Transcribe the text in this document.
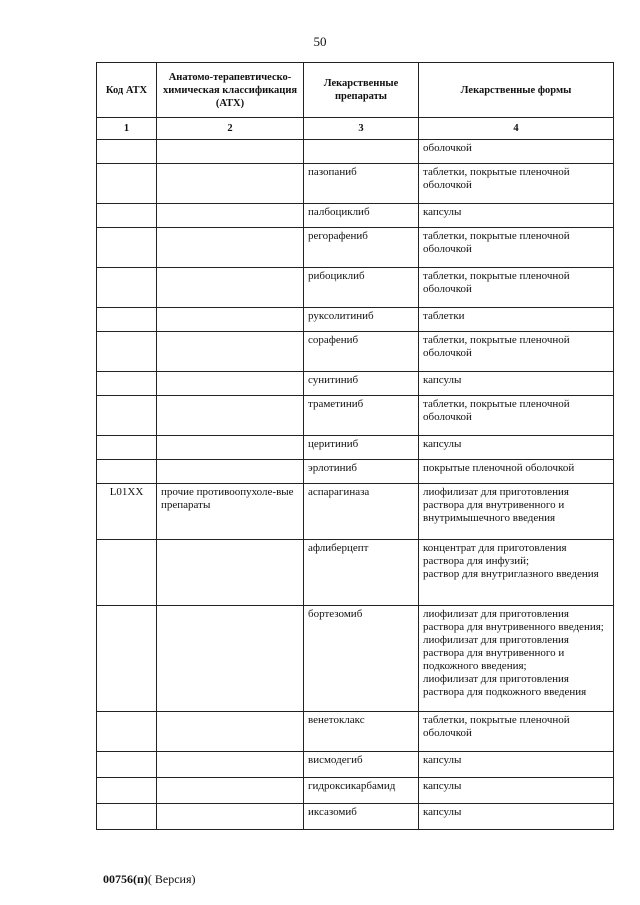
50
Код АТХ	Анатомо-терапевтическо-химическая классификация (АТХ)	Лекарственные препараты	Лекарственные формы
1	2	3	4
			оболочкой
		пазопаниб	таблетки, покрытые пленочной оболочкой
		палбоциклиб	капсулы
		регорафениб	таблетки, покрытые пленочной оболочкой
		рибоциклиб	таблетки, покрытые пленочной оболочкой
		руксолитиниб	таблетки
		сорафениб	таблетки, покрытые пленочной оболочкой
		сунитиниб	капсулы
		траметиниб	таблетки, покрытые пленочной оболочкой
		церитиниб	капсулы
		эрлотиниб	покрытые пленочной оболочкой
L01XX	прочие противоопухоле-вые препараты	аспарагиназа	лиофилизат для приготовления раствора для внутривенного и внутримышечного введения
		афлиберцепт	концентрат для приготовления раствора для инфузий;
раствор для внутриглазного введения
		бортезомиб	лиофилизат для приготовления раствора для внутривенного введения;
лиофилизат для приготовления раствора для внутривенного и подкожного введения;
лиофилизат для приготовления раствора для подкожного введения
		венетоклакс	таблетки, покрытые пленочной оболочкой
		висмодегиб	капсулы
		гидроксикарбамид	капсулы
		иксазомиб	капсулы
00756(п)( Версия)
